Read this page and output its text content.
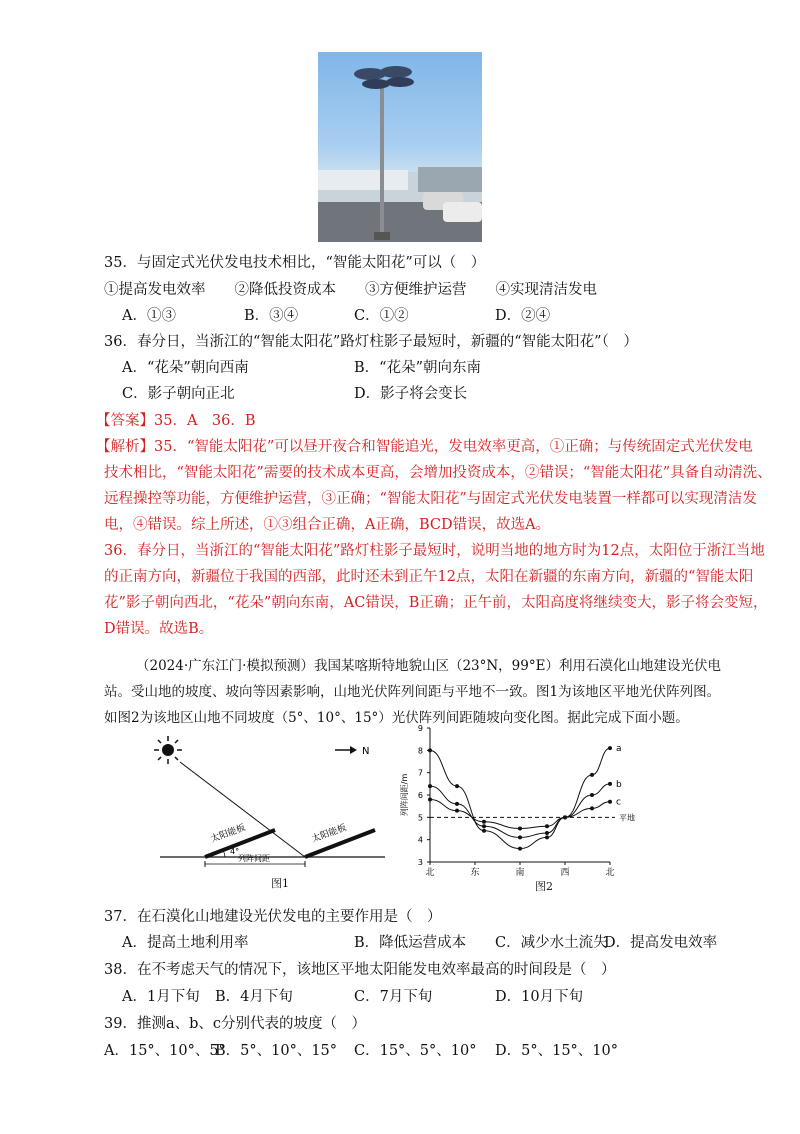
35．与固定式光伏发电技术相比，“智能太阳花”可以（　）
①提高发电效率　　②降低投资成本　　③方便维护运营　　④实现清洁发电
A．①③	B．③④	C．①②	D．②④
36．春分日，当浙江的“智能太阳花”路灯柱影子最短时，新疆的“智能太阳花”（　）
A．“花朵”朝向西南	B．“花朵”朝向东南
C．影子朝向正北	D．影子将会变长
【答案】35．A　36．B
【解析】35．“智能太阳花”可以昼开夜合和智能追光，发电效率更高，①正确；与传统固定式光伏发电
技术相比，“智能太阳花”需要的技术成本更高，会增加投资成本，②错误；“智能太阳花”具备自动清洗、
远程操控等功能，方便维护运营，③正确；“智能太阳花”与固定式光伏发电装置一样都可以实现清洁发
电，④错误。综上所述，①③组合正确，A正确，BCD错误，故选A。
36．春分日，当浙江的“智能太阳花”路灯柱影子最短时，说明当地的地方时为12点，太阳位于浙江当地
的正南方向，新疆位于我国的西部，此时还未到正午12点，太阳在新疆的东南方向，新疆的“智能太阳
花”影子朝向西北，“花朵”朝向东南，AC错误，B正确；正午前，太阳高度将继续变大，影子将会变短，
D错误。故选B。
（2024·广东江门·模拟预测）我国某喀斯特地貌山区（23°N，99°E）利用石漠化山地建设光伏电
站。受山地的坡度、坡向等因素影响，山地光伏阵列间距与平地不一致。图1为该地区平地光伏阵列图。
如图2为该地区山地不同坡度（5°、10°、15°）光伏阵列间距随坡向变化图。据此完成下面小题。
N
太阳能板	太阳能板
4°
列阵间距
图1
3
4
5
6
7
8
9
北	东	南	西	北
列阵间距/m
平地
a
b
c
图2
37．在石漠化山地建设光伏发电的主要作用是（　）
A．提高土地利用率	B．降低运营成本 C．减少水土流失
D．提高发电效率
38．在不考虑天气的情况下，该地区平地太阳能发电效率最高的时间段是（　）
A．1月下旬 B．4月下旬	C．7月下旬	D．10月下旬
39．推测a、b、c分别代表的坡度（　）
A．15°、10°、5°
B．5°、10°、15° C．15°、5°、10° D．5°、15°、10°
